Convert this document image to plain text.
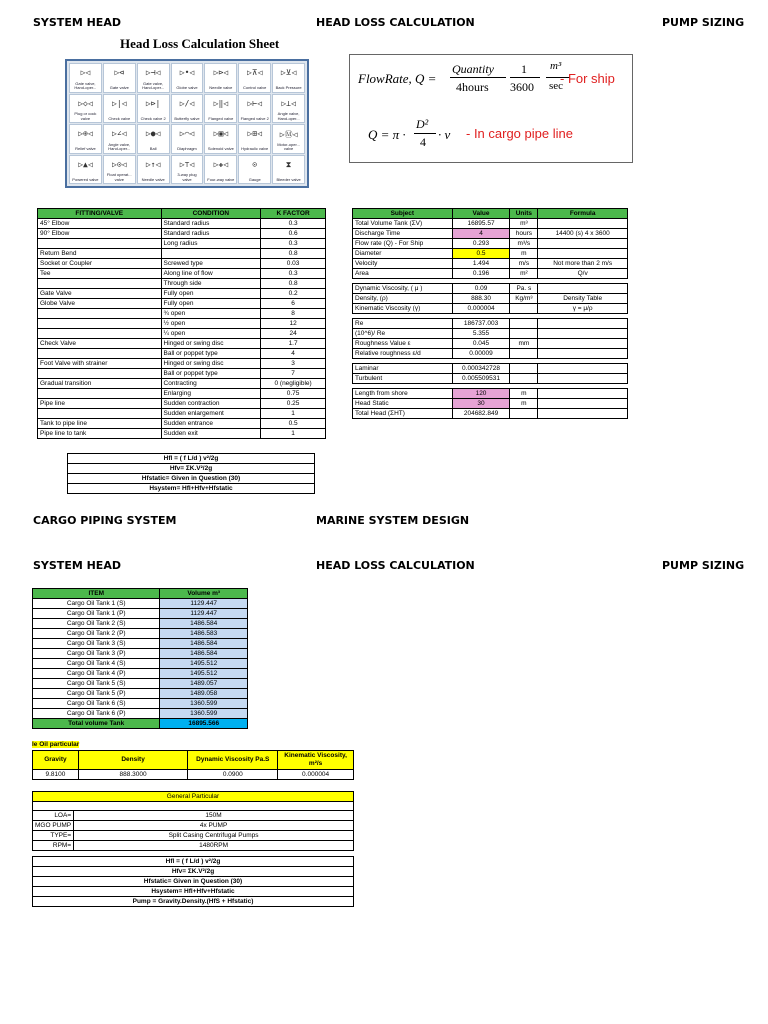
SYSTEM HEAD	HEAD LOSS CALCULATION	PUMP SIZING
Head Loss Calculation Sheet
▷◁
Gate valve, Hand-oper...
▷⊲
Gate valve
▷⊣◁
Gate valve, Hand-oper...
▷•◁
Globe valve
▷⊳◁
Needle valve
▷⊼◁
Control valve
▷⊻◁
Back Pressure
▷◇◁
Plug or cock valve
▷|◁
Check valve
▷⊳|
Check valve 2
▷/◁
Butterfly valve
▷‖◁
Flanged valve
▷⊢◁
Flanged valve 2
▷⊥◁
Angle valve, Hand-oper...
▷⊕◁
Relief valve
▷∠◁
Angle valve, Hand-oper...
▷●◁
Ball
▷⌒◁
Diaphragm
▷▣◁
Solenoid valve
▷⊞◁
Hydraulic valve
▷Ⓜ◁
Motor-oper... valve
▷▲◁
Powered valve
▷⊙◁
Float operat... valve
▷↑◁
Needle valve
▷⊤◁
3-way plug valve
▷✚◁
Four-way valve
⊙
Gauge
⧗
Bleeder valve
FlowRate, Q =
Quantity
4hours
1
3600
m³
sec
- For ship
Q = π ·
D²
4 · v - In cargo pipe line
FITTING/VALVE	CONDITION	K FACTOR
45° Elbow	Standard radius	0.3
90° Elbow	Standard radius	0.6
	Long radius	0.3
Return Bend		0.8
Socket or Coupler	Screwed type	0.03
Tee	Along line of flow	0.3
	Through side	0.8
Gate Valve	Fully open	0.2
Globe Valve	Fully open	6
	¾ open	8
	½ open	12
	¼ open	24
Check Valve	Hinged or swing disc	1.7
	Ball or poppet type	4
Foot Valve with strainer	Hinged or swing disc	3
	Ball or poppet type	7
Gradual transition	Contracting	0 (negligible)
	Enlarging	0.75
Pipe line	Sudden contraction	0.25
	Sudden enlargement	1
Tank to pipe line	Sudden entrance	0.5
Pipe line to tank	Sudden exit	1
Subject	Value	Units	Formula
Total Volume Tank (ΣV)	16895.57	m³	
Discharge Time	4	hours	14400 (s) 4 x 3600
Flow rate (Q) - For Ship	0.293	m³/s	
Diameter	0.5	m	
Velocity	1.494	m/s	Not more than 2 m/s
Area	0.196	m²	Q/v

Dynamic Viscosity, ( μ )	0.09	Pa. s	
Density, (ρ)	888.30	Kg/m³	Density Table
Kinematic Viscosity (γ)	0.000004		γ = μ/ρ

Re	186737.003		
(10^6)/ Re	5.355		
Roughness Value ε	0.045	mm	
Relative roughness ε/d	0.00009		

Laminar	0.000342728		
Turbulent	0.005509531		

Length from shore	120	m	
Head Static	30	m	
Total Head (ΣHT)	204682.849		
Hfl = ( f L/d ) v²/2g
Hfv= ΣK.V²/2g
Hfstatic= Given in Question (30)
Hsystem= Hfl+Hfv+Hfstatic
CARGO PIPING SYSTEM	MARINE SYSTEM DESIGN
SYSTEM HEAD	HEAD LOSS CALCULATION	PUMP SIZING
ITEM	Volume m³
Cargo Oil Tank 1 (S)	1129.447
Cargo Oil Tank 1 (P)	1129.447
Cargo Oil Tank 2 (S)	1486.584
Cargo Oil Tank 2 (P)	1486.583
Cargo Oil Tank 3 (S)	1486.584
Cargo Oil Tank 3 (P)	1486.584
Cargo Oil Tank 4 (S)	1495.512
Cargo Oil Tank 4 (P)	1495.512
Cargo Oil Tank 5 (S)	1489.057
Cargo Oil Tank 5 (P)	1489.058
Cargo Oil Tank 6 (S)	1360.599
Cargo Oil Tank 6 (P)	1360.599
Total volume Tank	16895.566
le Oil particular
Gravity	Density	Dynamic Viscosity Pa.S	Kinematic Viscosity, m²/s
9.8100	888.3000	0.0900	0.000004
General Particular	

LOA=	150M
MGO PUMP	4x PUMP
TYPE=	Split Casing Centrifugal Pumps
RPM=	1480RPM
Hfl = ( f L/d ) v²/2g
Hfv= ΣK.V²/2g
Hfstatic= Given in Question (30)
Hsystem= Hfl+Hfv+Hfstatic
Pump = Gravity.Density.(HfS + Hfstatic)
